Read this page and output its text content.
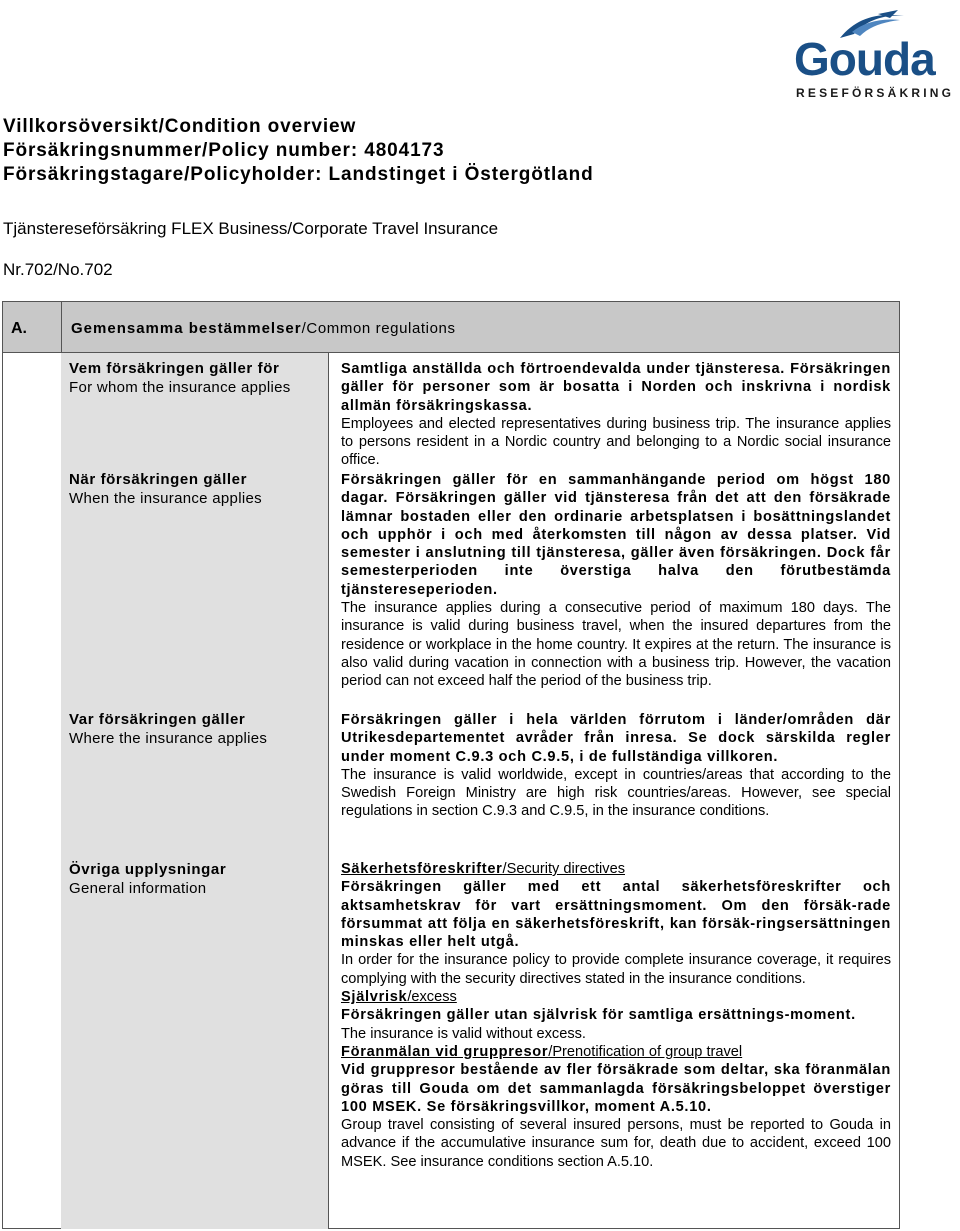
Gouda
RESEFÖRSÄKRING
Villkorsöversikt/Condition overview
Försäkringsnummer/Policy number: 4804173
Försäkringstagare/Policyholder: Landstinget i Östergötland
Tjänstereseförsäkring FLEX Business/Corporate Travel Insurance
Nr.702/No.702
A.	Gemensamma bestämmelser/Common regulations
Vem försäkringen gäller för
For whom the insurance applies
När försäkringen gäller
When the insurance applies
Var försäkringen gäller
Where the insurance applies
Övriga upplysningar
General information

Samtliga anställda och förtroendevalda under tjänsteresa. Försäkringen gäller för personer som är bosatta i Norden och inskrivna i nordisk allmän försäkringskassa.

Employees and elected representatives during business trip. The insurance applies to persons resident in a Nordic country and belonging to a Nordic social insurance office.

Försäkringen gäller för en sammanhängande period om högst 180 dagar. Försäkringen gäller vid tjänsteresa från det att den försäkrade lämnar bostaden eller den ordinarie arbetsplatsen i bosättningslandet och upphör i och med återkomsten till någon av dessa platser. Vid semester i anslutning till tjänsteresa, gäller även försäkringen. Dock får semesterperioden inte överstiga halva den förutbestämda tjänstereseperioden.

The insurance applies during a consecutive period of maximum 180 days. The insurance is valid during business travel, when the insured departures from the residence or workplace in the home country. It expires at the return. The insurance is also valid during vacation in connection with a business trip. However, the vacation period can not exceed half the period of the business trip.

Försäkringen gäller i hela världen förrutom i länder/områden där Utrikesdepartementet avråder från inresa. Se dock särskilda regler under moment C.9.3 och C.9.5, i de fullständiga villkoren.

The insurance is valid worldwide, except in countries/areas that according to the Swedish Foreign Ministry are high risk countries/areas. However, see special regulations in section C.9.3 and C.9.5, in the insurance conditions.

Säkerhetsföreskrifter/Security directives

Försäkringen gäller med ett antal säkerhetsföreskrifter och aktsamhetskrav för vart ersättningsmoment. Om den försäk-rade försummat att följa en säkerhetsföreskrift, kan försäk-ringsersättningen minskas eller helt utgå.

In order for the insurance policy to provide complete insurance coverage, it requires complying with the security directives stated in the insurance conditions.

Självrisk/excess

Försäkringen gäller utan självrisk för samtliga ersättnings-moment.

The insurance is valid without excess.

Föranmälan vid gruppresor/Prenotification of group travel

Vid gruppresor bestående av fler försäkrade som deltar, ska föranmälan göras till Gouda om det sammanlagda försäkringsbeloppet överstiger 100 MSEK. Se försäkringsvillkor, moment A.5.10.

Group travel consisting of several insured persons, must be reported to Gouda in advance if the accumulative insurance sum for, death due to accident, exceed 100 MSEK. See insurance conditions section A.5.10.
